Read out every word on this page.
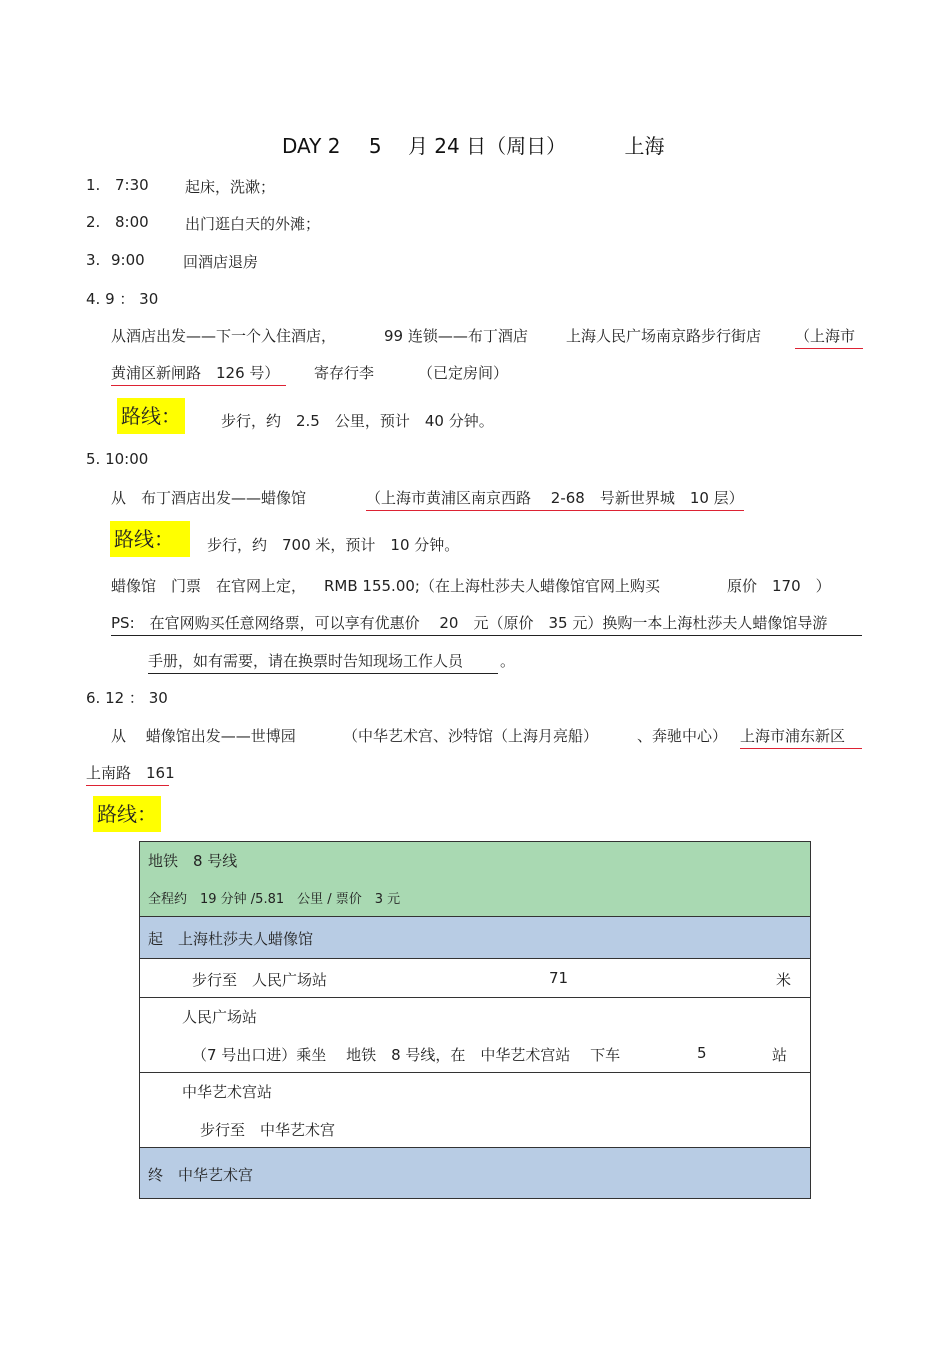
DAY 2 5 月 24 日（周日）	上海
1. 7:30 起床，洗漱；
2. 8:00 出门逛白天的外滩；
3. 9:00	回酒店退房
4. 9 ： 30
从酒店出发——下一个入住酒店，	99 连锁——布丁酒店	上海人民广场南京路步行街店 （上海市
黄浦区新闸路　126 号）	寄存行李	（已定房间）
路线：	步行，约　2.5　公里，预计　40 分钟。
5. 10:00
从　布丁酒店出发——蜡像馆	（上海市黄浦区南京西路　 2-68　号新世界城　10 层）
路线：	步行，约　700 米，预计　10 分钟。
蜡像馆　门票　在官网上定， RMB 155.00;（在上海杜莎夫人蜡像馆官网上购买	原价　170　）
PS:　在官网购买任意网络票，可以享有优惠价　 20　元（原价　35 元）换购一本上海杜莎夫人蜡像馆导游
手册，如有需要，请在换票时告知现场工作人员	。
6. 12 ： 30
从　 蜡像馆出发——世博园	（中华艺术宫、沙特馆（上海月亮船）	、奔驰中心） 上海市浦东新区
上南路　161
路线：
地铁　8 号线
全程约　19 分钟 /5.81　公里 / 票价　3 元
起　上海杜莎夫人蜡像馆
步行至　人民广场站	71	米
人民广场站
（7 号出口进）乘坐　 地铁　8 号线，在　中华艺术宫站　 下车	5	站
中华艺术宫站
步行至　中华艺术宫
终　中华艺术宫
